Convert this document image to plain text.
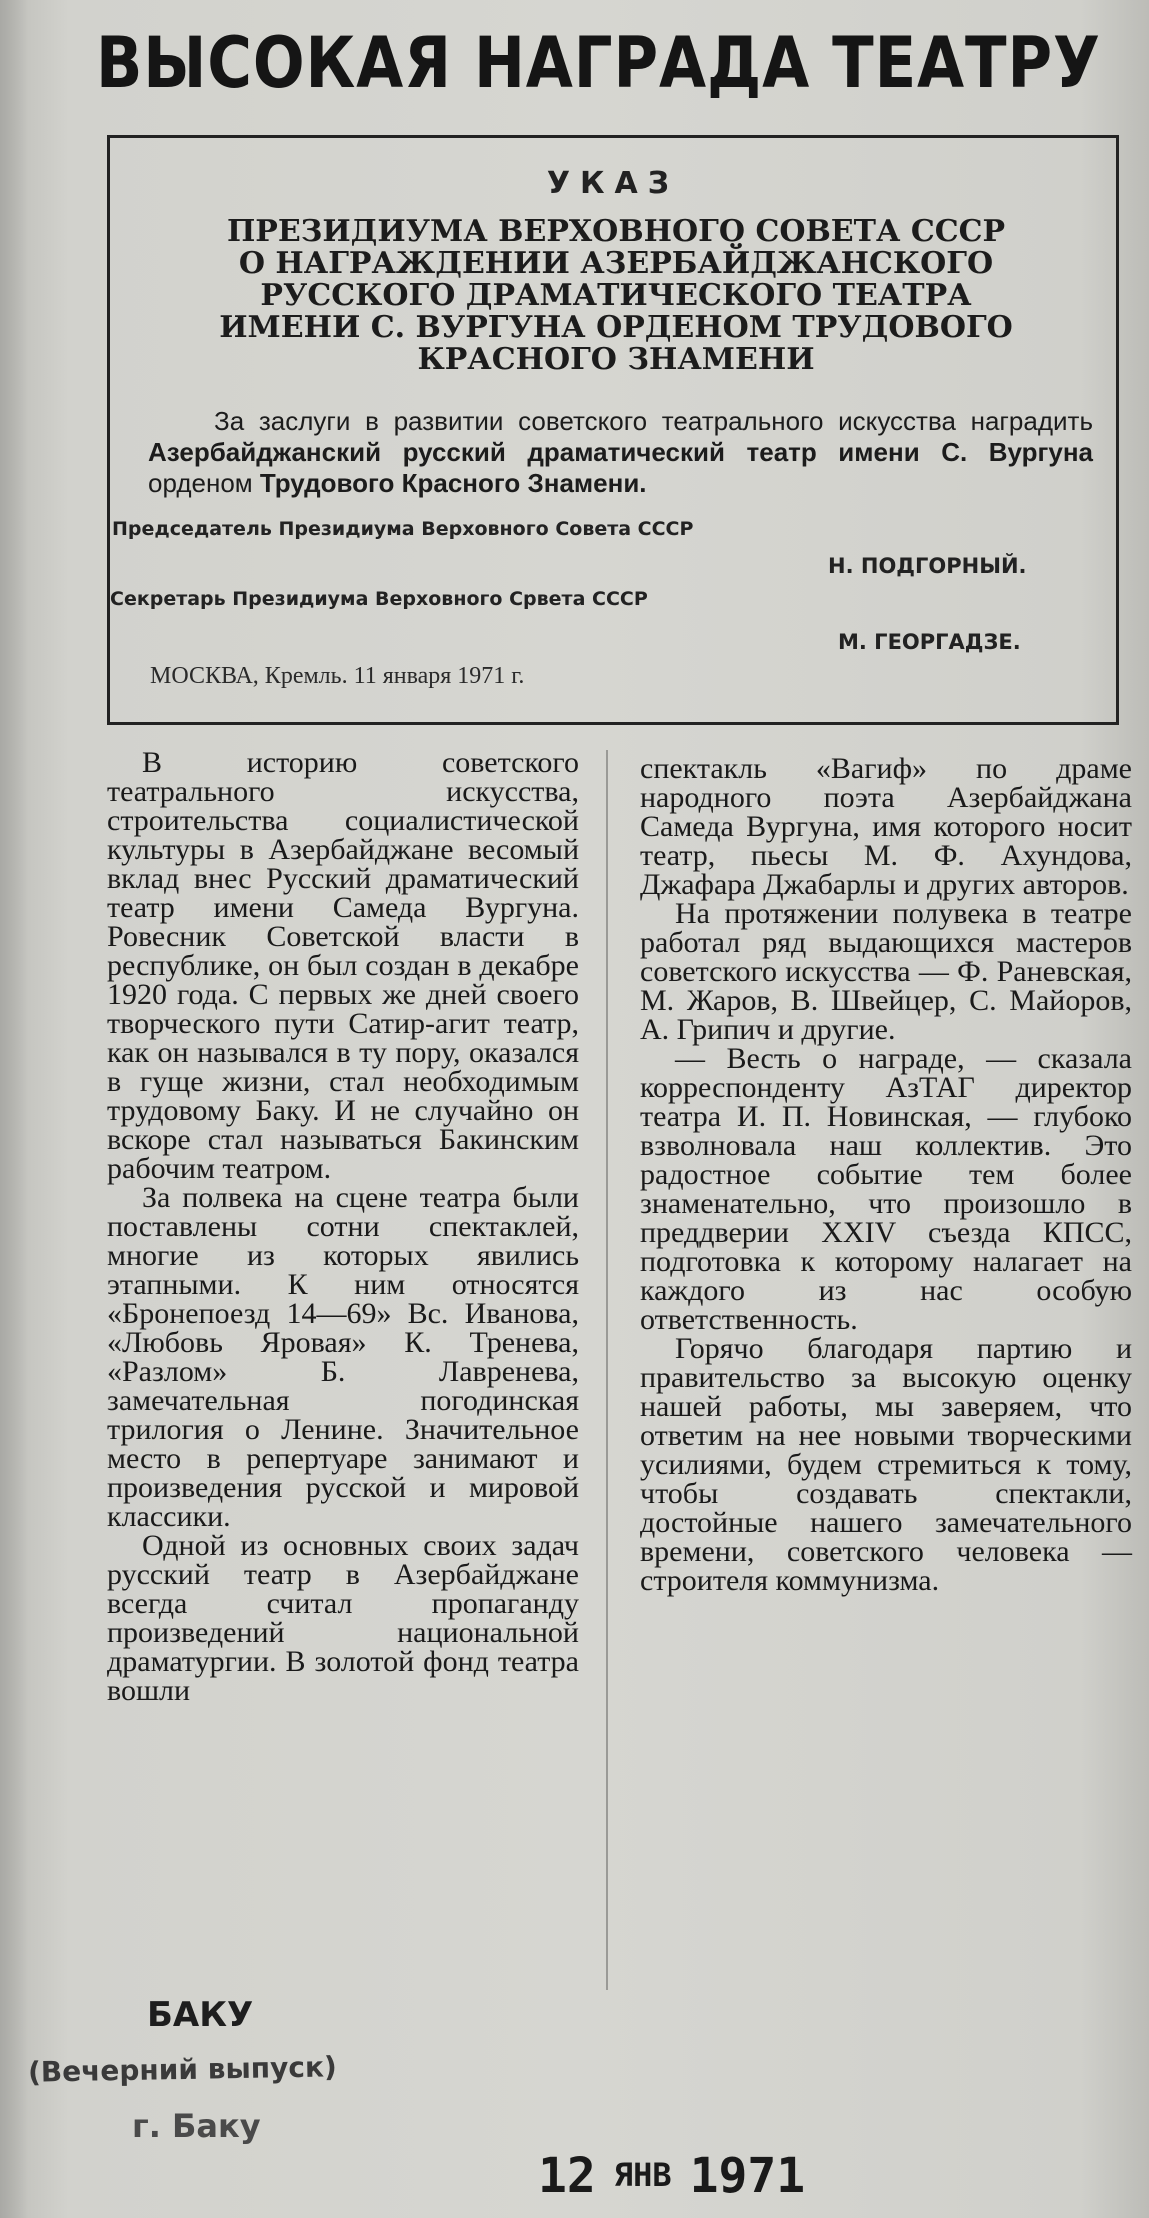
ВЫСОКАЯ НАГРАДА ТЕАТРУ
УКАЗ
ПРЕЗИДИУМА ВЕРХОВНОГО СОВЕТА СССР
О НАГРАЖДЕНИИ АЗЕРБАЙДЖАНСКОГО
РУССКОГО ДРАМАТИЧЕСКОГО ТЕАТРА
ИМЕНИ С. ВУРГУНА ОРДЕНОМ ТРУДОВОГО
КРАСНОГО ЗНАМЕНИ
За заслуги в развитии советского театрального искусства наградить Азербайджанский русский драматический театр имени С. Вургуна орденом Трудового Красного Знамени.
Председатель Президиума Верховного Совета СССР
Н. ПОДГОРНЫЙ.
Секретарь Президиума Верховного Срвета СССР
М. ГЕОРГАДЗЕ.
МОСКВА, Кремль. 11 января 1971 г.

В историю советского театрального искусства, строительства социалистической культуры в Азербайджане весомый вклад внес Русский драматический театр имени Самеда Вургуна. Ровесник Советской власти в республике, он был создан в декабре 1920 года. С первых же дней своего творческого пути Сатир-агит театр, как он назывался в ту пору, оказался в гуще жизни, стал необходимым трудовому Баку. И не случайно он вскоре стал называться Бакинским рабочим театром.

За полвека на сцене театра были поставлены сотни спектаклей, многие из которых явились этапными. К ним относятся «Бронепоезд 14—69» Вс. Иванова, «Любовь Яровая» К. Тренева, «Разлом» Б. Лавренева, замечательная погодинская трилогия о Ленине. Значительное место в репертуаре занимают и произведения русской и мировой классики.

Одной из основных своих задач русский театр в Азербайджане всегда считал пропаганду произведений национальной драматургии. В золотой фонд театра вошли

спектакль «Вагиф» по драме народного поэта Азербайджана Самеда Вургуна, имя которого носит театр, пьесы М. Ф. Ахундова, Джафара Джабарлы и других авторов.

На протяжении полувека в театре работал ряд выдающихся мастеров советского искусства — Ф. Раневская, М. Жаров, В. Швейцер, С. Майоров, А. Грипич и другие.

— Весть о награде, — сказала корреспонденту АзТАГ директор театра И. П. Новинская, — глубоко взволновала наш коллектив. Это радостное событие тем более знаменательно, что произошло в преддверии XXIV съезда КПСС, подготовка к которому налагает на каждого из нас особую ответственность.

Горячо благодаря партию и правительство за высокую оценку нашей работы, мы заверяем, что ответим на нее новыми творческими усилиями, будем стремиться к тому, чтобы создавать спектакли, достойные нашего замечательного времени, советского человека — строителя коммунизма.

БАКУ
(Вечерний выпуск)
г. Баку
12 ЯНВ 1971
